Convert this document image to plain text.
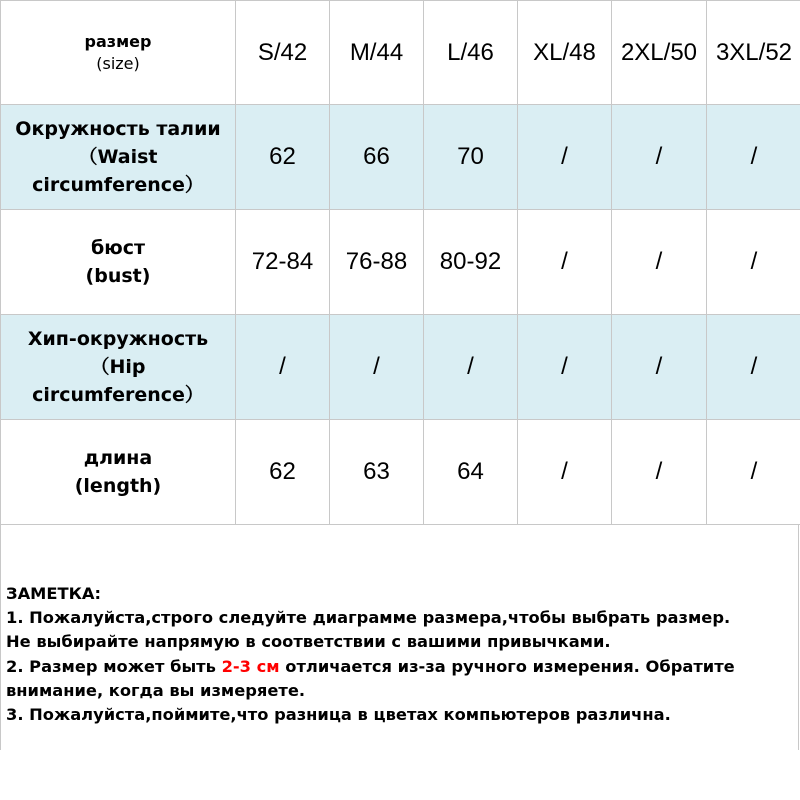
размер
(size)	S/42	M/44	L/46	XL/48	2XL/50	3XL/52

Окружность талии
（Waist
circumference）	62	66	70	/	/	/

бюст
(bust)	72-84	76-88	80-92	/	/	/

Хип-окружность
（Hip
circumference）	/	/	/	/	/	/

длина
(length)	62	63	64	/	/	/
ЗАМЕТКА:
1. Пожалуйста,строго следуйте диаграмме размера,чтобы выбрать размер.
Не выбирайте напрямую в соответствии с вашими привычками.
2. Размер может быть 2-3 см отличается из-за ручного измерения. Обратите
внимание, когда вы измеряете.
3. Пожалуйста,поймите,что разница в цветах компьютеров различна.
